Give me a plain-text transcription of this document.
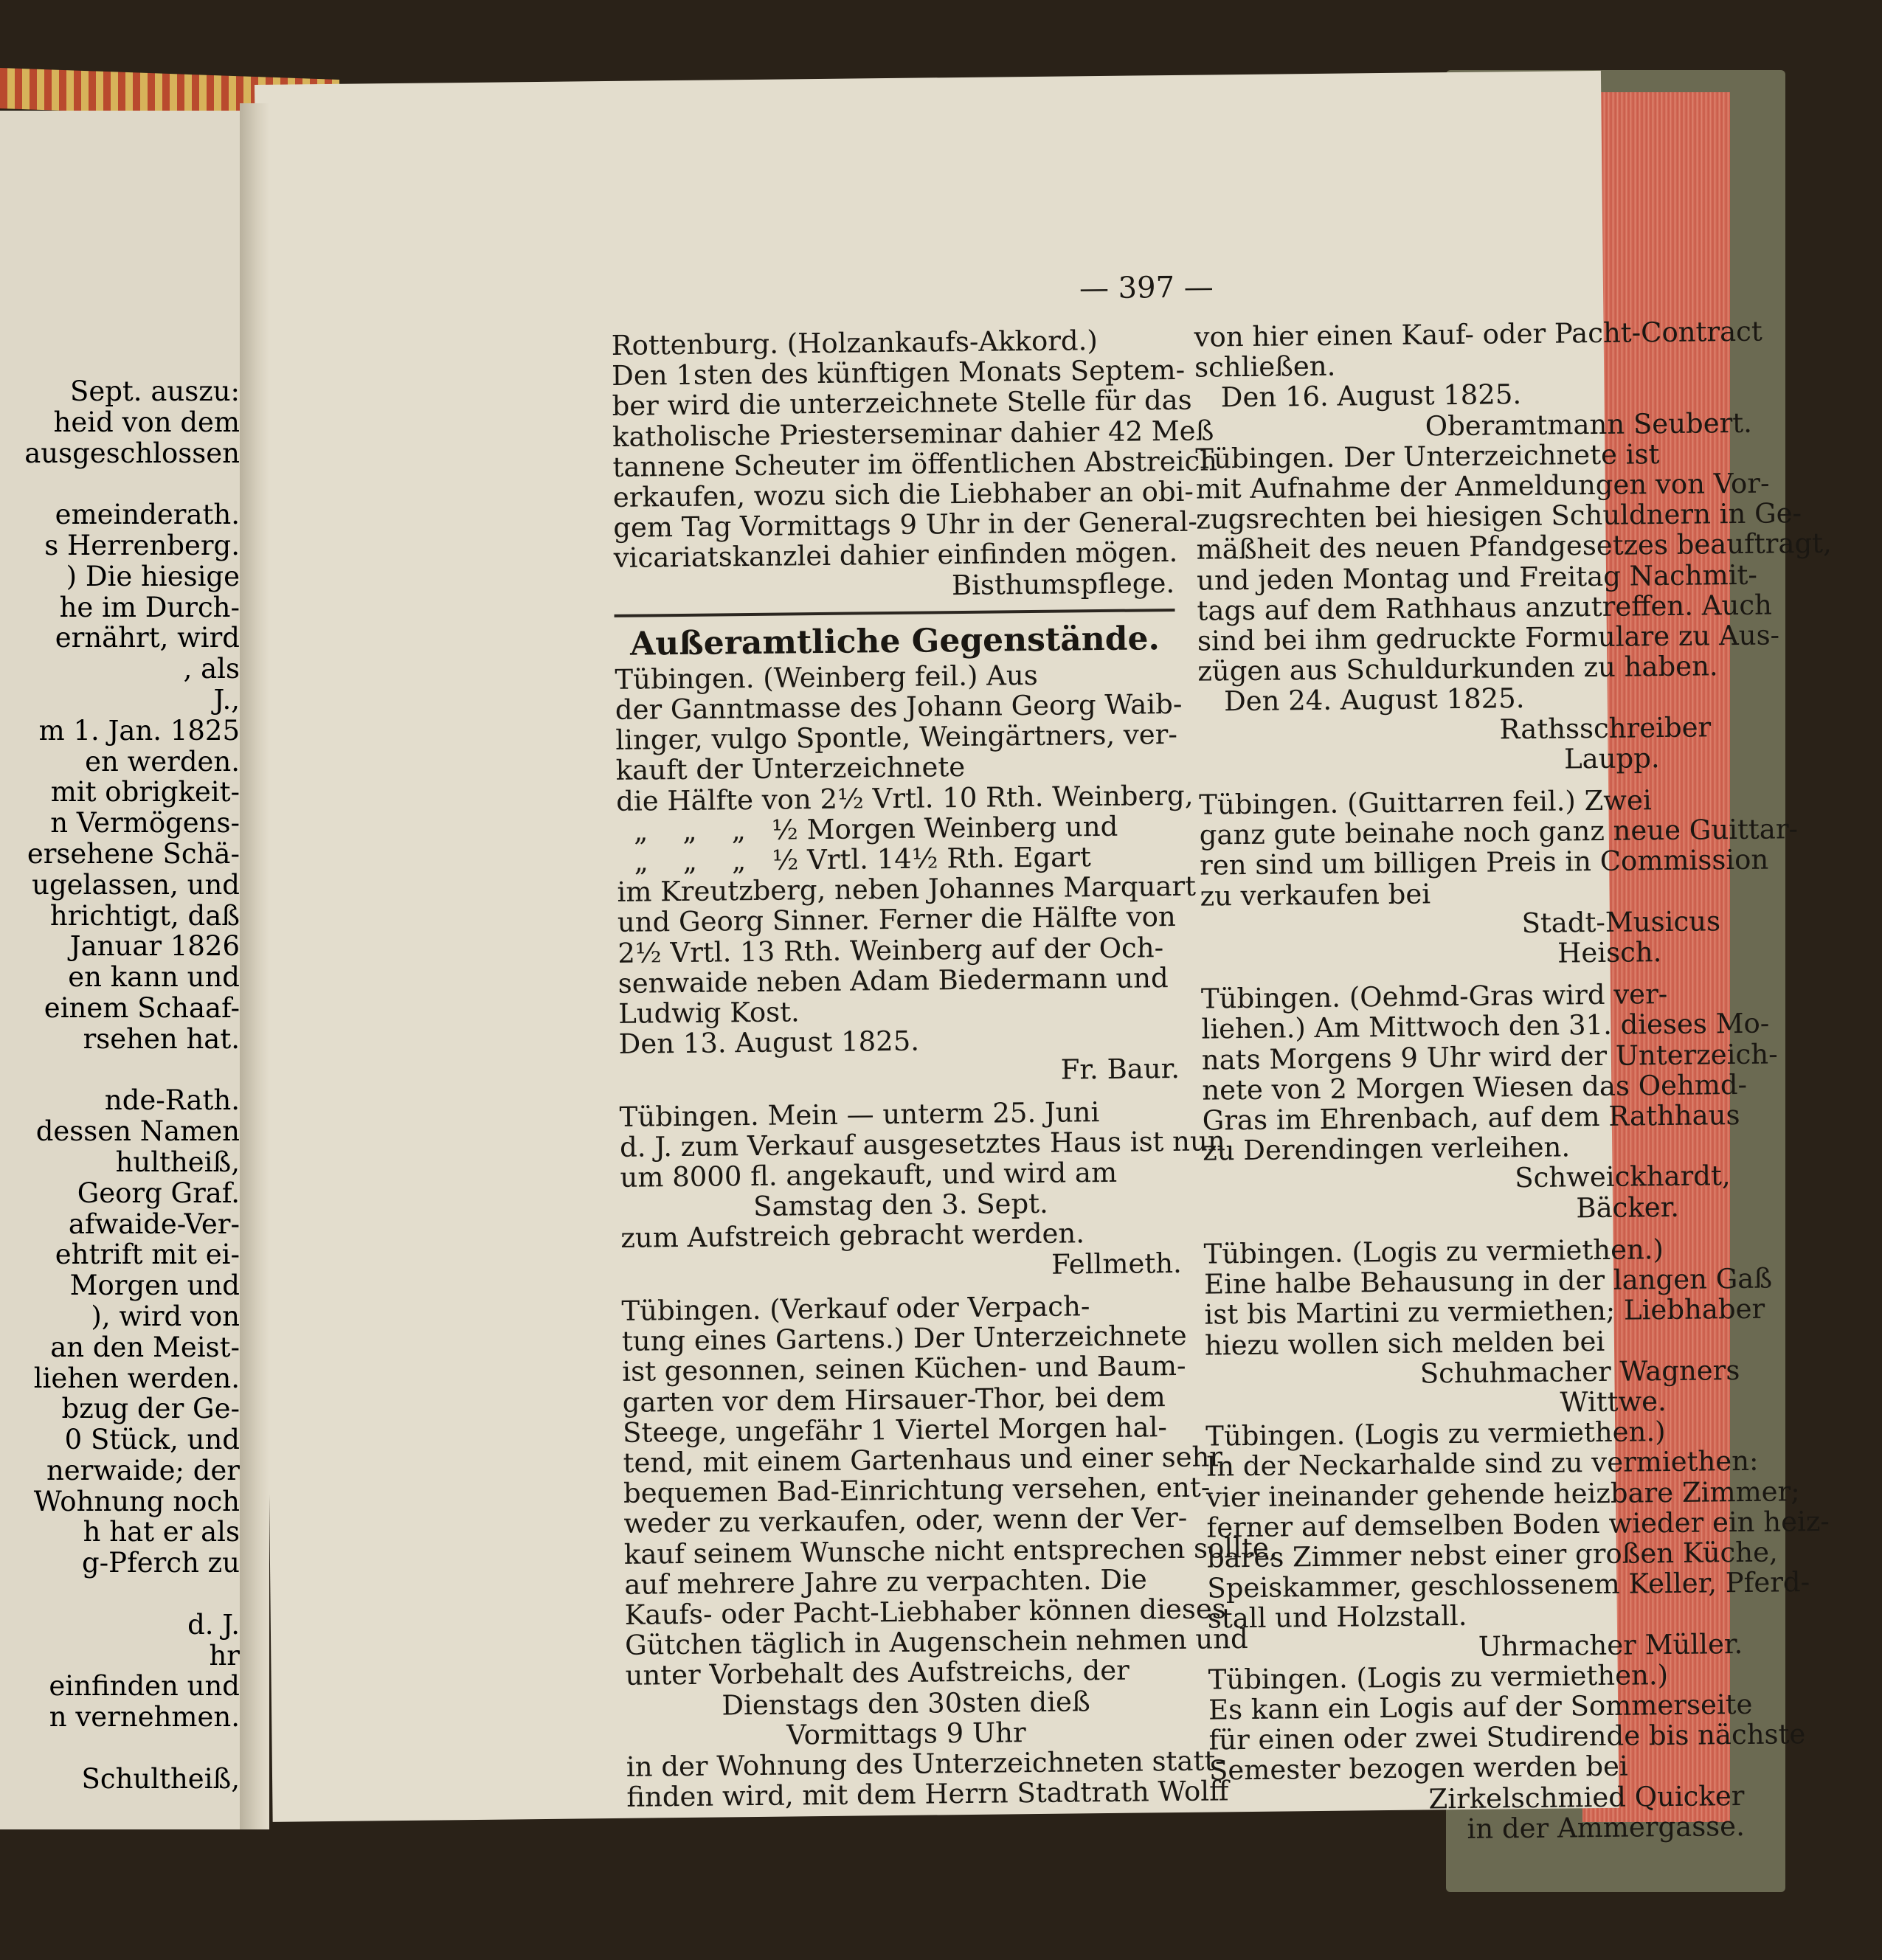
Sept. auszu:

heid von dem

ausgeschlossen

emeinderath.

s Herrenberg.

) Die hiesige

he im Durch-

ernährt, wird

, als

J.,

m 1. Jan. 1825

en werden.

mit obrigkeit-

n Vermögens-

ersehene Schä-

ugelassen, und

hrichtigt, daß

Januar 1826

en kann und

einem Schaaf-

rsehen hat.

nde-Rath.

dessen Namen

hultheiß,

Georg Graf.

afwaide-Ver-

ehtrift mit ei-

Morgen und

), wird von

an den Meist-

liehen werden.

bzug der Ge-

0 Stück, und

nerwaide; der

Wohnung noch

h hat er als

g-Pferch zu

d. J.

hr

einfinden und

n vernehmen.

Schultheiß,

— 397 —

Rottenburg. (Holzankaufs-Akkord.)

Den 1sten des künftigen Monats Septem-

ber wird die unterzeichnete Stelle für das

katholische Priesterseminar dahier 42 Meß

tannene Scheuter im öffentlichen Abstreich

erkaufen, wozu sich die Liebhaber an obi-

gem Tag Vormittags 9 Uhr in der General-

vicariatskanzlei dahier einfinden mögen.

Bisthumspflege.

Außeramtliche Gegenstände.

Tübingen. (Weinberg feil.) Aus

der Ganntmasse des Johann Georg Waib-

linger, vulgo Spontle, Weingärtners, ver-

kauft der Unterzeichnete

die Hälfte von 2½ Vrtl. 10 Rth. Weinberg,

„    „    „   ½ Morgen Weinberg und

„    „    „   ½ Vrtl. 14½ Rth. Egart

im Kreutzberg, neben Johannes Marquart

und Georg Sinner. Ferner die Hälfte von

2½ Vrtl. 13 Rth. Weinberg auf der Och-

senwaide neben Adam Biedermann und

Ludwig Kost.

Den 13. August 1825.

Fr. Baur.

Tübingen. Mein — unterm 25. Juni

d. J. zum Verkauf ausgesetztes Haus ist nun

um 8000 fl. angekauft, und wird am

Samstag den 3. Sept.

zum Aufstreich gebracht werden.

Fellmeth.

Tübingen. (Verkauf oder Verpach-

tung eines Gartens.) Der Unterzeichnete

ist gesonnen, seinen Küchen- und Baum-

garten vor dem Hirsauer-Thor, bei dem

Steege, ungefähr 1 Viertel Morgen hal-

tend, mit einem Gartenhaus und einer sehr

bequemen Bad-Einrichtung versehen, ent-

weder zu verkaufen, oder, wenn der Ver-

kauf seinem Wunsche nicht entsprechen sollte,

auf mehrere Jahre zu verpachten. Die

Kaufs- oder Pacht-Liebhaber können dieses

Gütchen täglich in Augenschein nehmen und

unter Vorbehalt des Aufstreichs, der

Dienstags den 30sten dieß

Vormittags 9 Uhr

in der Wohnung des Unterzeichneten statt-

finden wird, mit dem Herrn Stadtrath Wolff

von hier einen Kauf- oder Pacht-Contract

schließen.

Den 16. August 1825.

Oberamtmann Seubert.

Tübingen. Der Unterzeichnete ist

mit Aufnahme der Anmeldungen von Vor-

zugsrechten bei hiesigen Schuldnern in Ge-

mäßheit des neuen Pfandgesetzes beauftragt,

und jeden Montag und Freitag Nachmit-

tags auf dem Rathhaus anzutreffen. Auch

sind bei ihm gedruckte Formulare zu Aus-

zügen aus Schuldurkunden zu haben.

Den 24. August 1825.

Rathsschreiber

Laupp.

Tübingen. (Guittarren feil.) Zwei

ganz gute beinahe noch ganz neue Guittar-

ren sind um billigen Preis in Commission

zu verkaufen bei

Stadt-Musicus

Heisch.

Tübingen. (Oehmd-Gras wird ver-

liehen.) Am Mittwoch den 31. dieses Mo-

nats Morgens 9 Uhr wird der Unterzeich-

nete von 2 Morgen Wiesen das Oehmd-

Gras im Ehrenbach, auf dem Rathhaus

zu Derendingen verleihen.

Schweickhardt,

Bäcker.

Tübingen. (Logis zu vermiethen.)

Eine halbe Behausung in der langen Gaß

ist bis Martini zu vermiethen; Liebhaber

hiezu wollen sich melden bei

Schuhmacher Wagners

Wittwe.

Tübingen. (Logis zu vermiethen.)

In der Neckarhalde sind zu vermiethen:

vier ineinander gehende heizbare Zimmer;

ferner auf demselben Boden wieder ein heiz-

bares Zimmer nebst einer großen Küche,

Speiskammer, geschlossenem Keller, Pferd-

stall und Holzstall.

Uhrmacher Müller.

Tübingen. (Logis zu vermiethen.)

Es kann ein Logis auf der Sommerseite

für einen oder zwei Studirende bis nächste

Semester bezogen werden bei

Zirkelschmied Quicker

in der Ammergasse.
